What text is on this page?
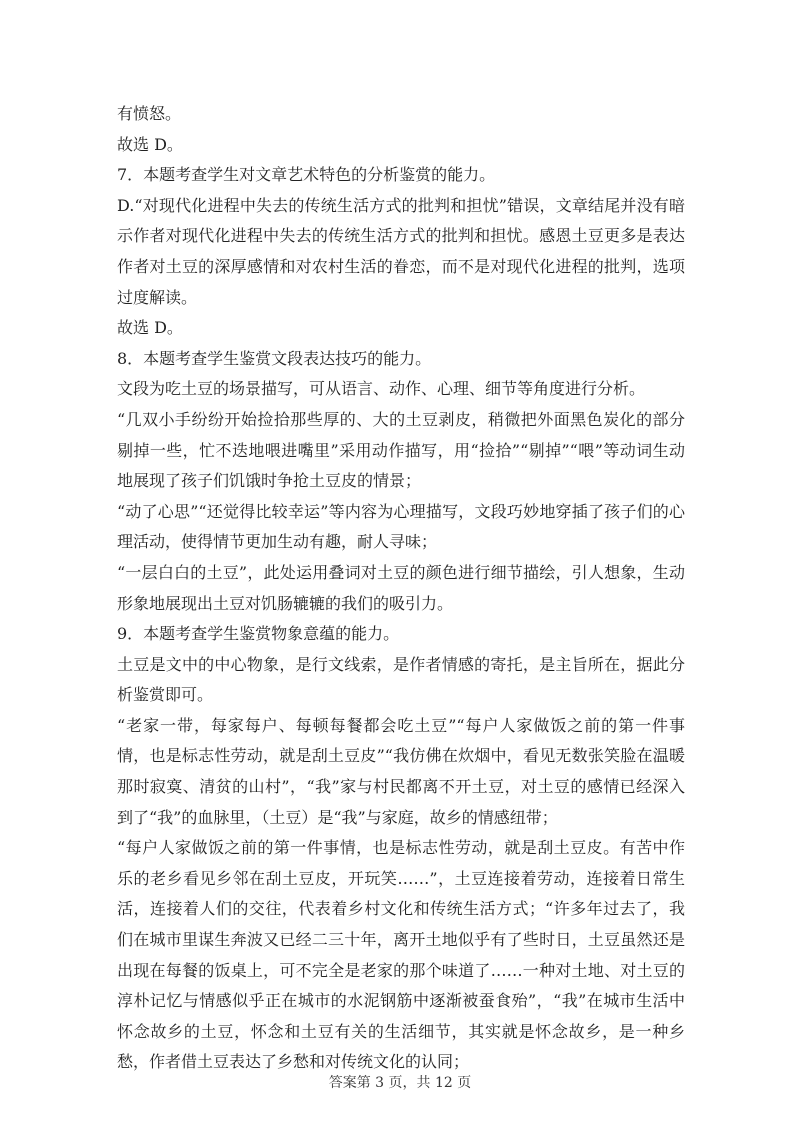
有愤怒。

故选 D。

7．本题考查学生对文章艺术特色的分析鉴赏的能力。

D.“对现代化进程中失去的传统生活方式的批判和担忧”错误，文章结尾并没有暗示作者对现代化进程中失去的传统生活方式的批判和担忧。感恩土豆更多是表达作者对土豆的深厚感情和对农村生活的眷恋，而不是对现代化进程的批判，选项过度解读。

故选 D。

8．本题考查学生鉴赏文段表达技巧的能力。

文段为吃土豆的场景描写，可从语言、动作、心理、细节等角度进行分析。

“几双小手纷纷开始捡拾那些厚的、大的土豆剥皮，稍微把外面黑色炭化的部分剔掉一些，忙不迭地喂进嘴里”采用动作描写，用“捡拾”“剔掉”“喂”等动词生动地展现了孩子们饥饿时争抢土豆皮的情景；

“动了心思”“还觉得比较幸运”等内容为心理描写，文段巧妙地穿插了孩子们的心理活动，使得情节更加生动有趣，耐人寻味；

“一层白白的土豆”，此处运用叠词对土豆的颜色进行细节描绘，引人想象，生动形象地展现出土豆对饥肠辘辘的我们的吸引力。

9．本题考查学生鉴赏物象意蕴的能力。

土豆是文中的中心物象，是行文线索，是作者情感的寄托，是主旨所在，据此分析鉴赏即可。

“老家一带，每家每户、每顿每餐都会吃土豆”“每户人家做饭之前的第一件事情，也是标志性劳动，就是刮土豆皮”“我仿佛在炊烟中，看见无数张笑脸在温暖那时寂寞、清贫的山村”，“我”家与村民都离不开土豆，对土豆的感情已经深入到了“我”的血脉里，（土豆）是“我”与家庭，故乡的情感纽带；

“每户人家做饭之前的第一件事情，也是标志性劳动，就是刮土豆皮。有苦中作乐的老乡看见乡邻在刮土豆皮，开玩笑……”，土豆连接着劳动，连接着日常生活，连接着人们的交往，代表着乡村文化和传统生活方式；“许多年过去了，我们在城市里谋生奔波又已经二三十年，离开土地似乎有了些时日，土豆虽然还是出现在每餐的饭桌上，可不完全是老家的那个味道了……一种对土地、对土豆的淳朴记忆与情感似乎正在城市的水泥钢筋中逐渐被蚕食殆”，“我”在城市生活中怀念故乡的土豆，怀念和土豆有关的生活细节，其实就是怀念故乡，是一种乡愁，作者借土豆表达了乡愁和对传统文化的认同；

答案第 3 页，共 12 页
